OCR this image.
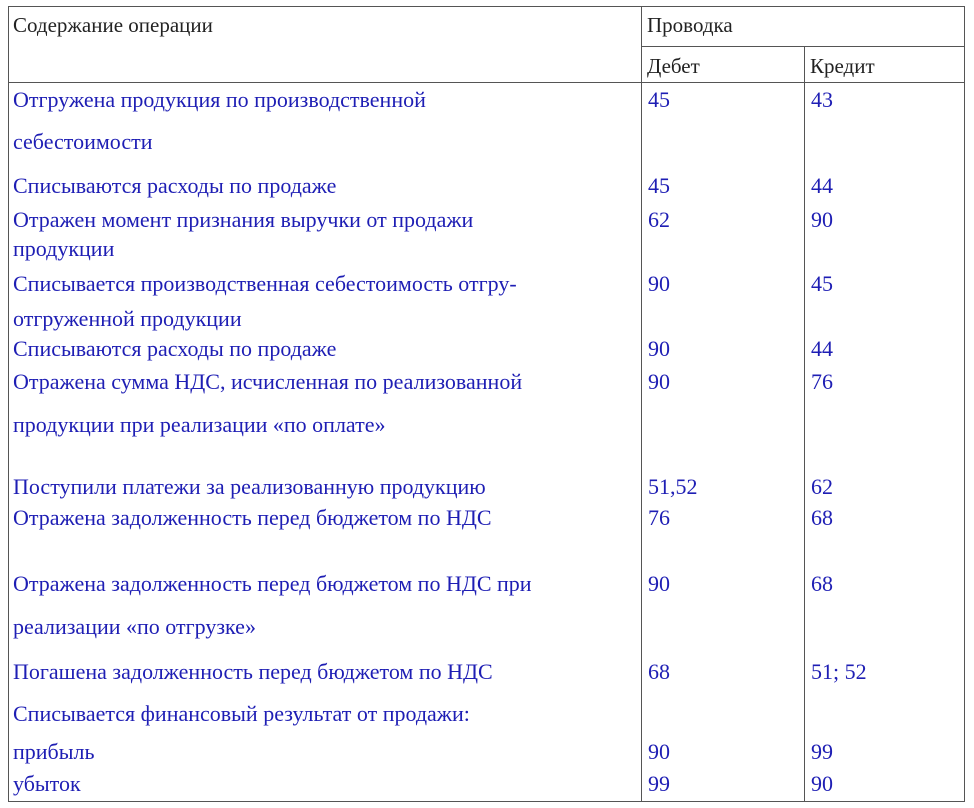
Содержание операции	Проводка
Дебет	Кредит
Отгружена продукция по производственной
себестоимости
45	43
Списываются расходы по продаже	45	44
Отражен момент признания выручки от продажи
продукции
62	90
Списывается производственная себестоимость отгру-
отгруженной продукции
90	45
Списываются расходы по продаже	90	44
Отражена сумма НДС, исчисленная по реализованной
продукции при реализации «по оплате»
90	76
Поступили платежи за реализованную продукцию	51,52	62
Отражена задолженность перед бюджетом по НДС	76	68
Отражена задолженность перед бюджетом по НДС при
реализации «по отгрузке»
90	68
Погашена задолженность перед бюджетом по НДС	68	51; 52
Списывается финансовый результат от продажи:
прибыль	90	99
убыток	99	90
